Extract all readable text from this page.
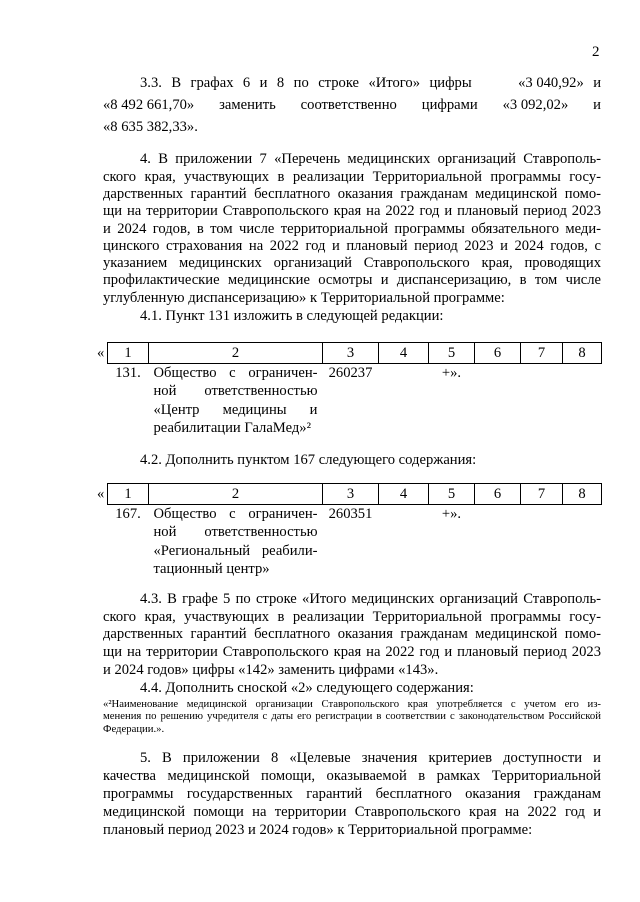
2
3.3. В графах 6 и 8 по строке «Итого» цифры	«3 040,92» и
«8 492 661,70» заменить соответственно цифрами «3 092,02» и
«8 635 382,33».
4. В приложении 7 «Перечень медицинских организаций Ставрополь-
ского края, участвующих в реализации Территориальной программы госу-
дарственных гарантий бесплатного оказания гражданам медицинской помо-
щи на территории Ставропольского края на 2022 год и плановый период 2023
и 2024 годов, в том числе территориальной программы обязательного меди-
цинского страхования на 2022 год и плановый период 2023 и 2024 годов, с
указанием медицинских организаций Ставропольского края, проводящих
профилактические медицинские осмотры и диспансеризацию, в том числе
углубленную диспансеризацию» к Территориальной программе:
4.1. Пункт 131 изложить в следующей редакции:
« 1	2	3	4	5	6	7	8
131.	Общество с ограничен-
ной ответственностью
«Центр медицины и
реабилитации ГалаМед»²	260237		+».			
4.2. Дополнить пунктом 167 следующего содержания:
« 1	2	3	4	5	6	7	8
167.	Общество с ограничен-
ной ответственностью
«Региональный реабили-
тационный центр»	260351		+».			
4.3. В графе 5 по строке «Итого медицинских организаций Ставрополь-
ского края, участвующих в реализации Территориальной программы госу-
дарственных гарантий бесплатного оказания гражданам медицинской помо-
щи на территории Ставропольского края на 2022 год и плановый период 2023
и 2024 годов» цифры «142» заменить цифрами «143».
4.4. Дополнить сноской «2» следующего содержания:
«²Наименование медицинской организации Ставропольского края употребляется с учетом его из-
менения по решению учредителя с даты его регистрации в соответствии с законодательством Российской
Федерации.».
5. В приложении 8 «Целевые значения критериев доступности и
качества медицинской помощи, оказываемой в рамках Территориальной
программы государственных гарантий бесплатного оказания гражданам
медицинской помощи на территории Ставропольского края на 2022 год и
плановый период 2023 и 2024 годов» к Территориальной программе:
